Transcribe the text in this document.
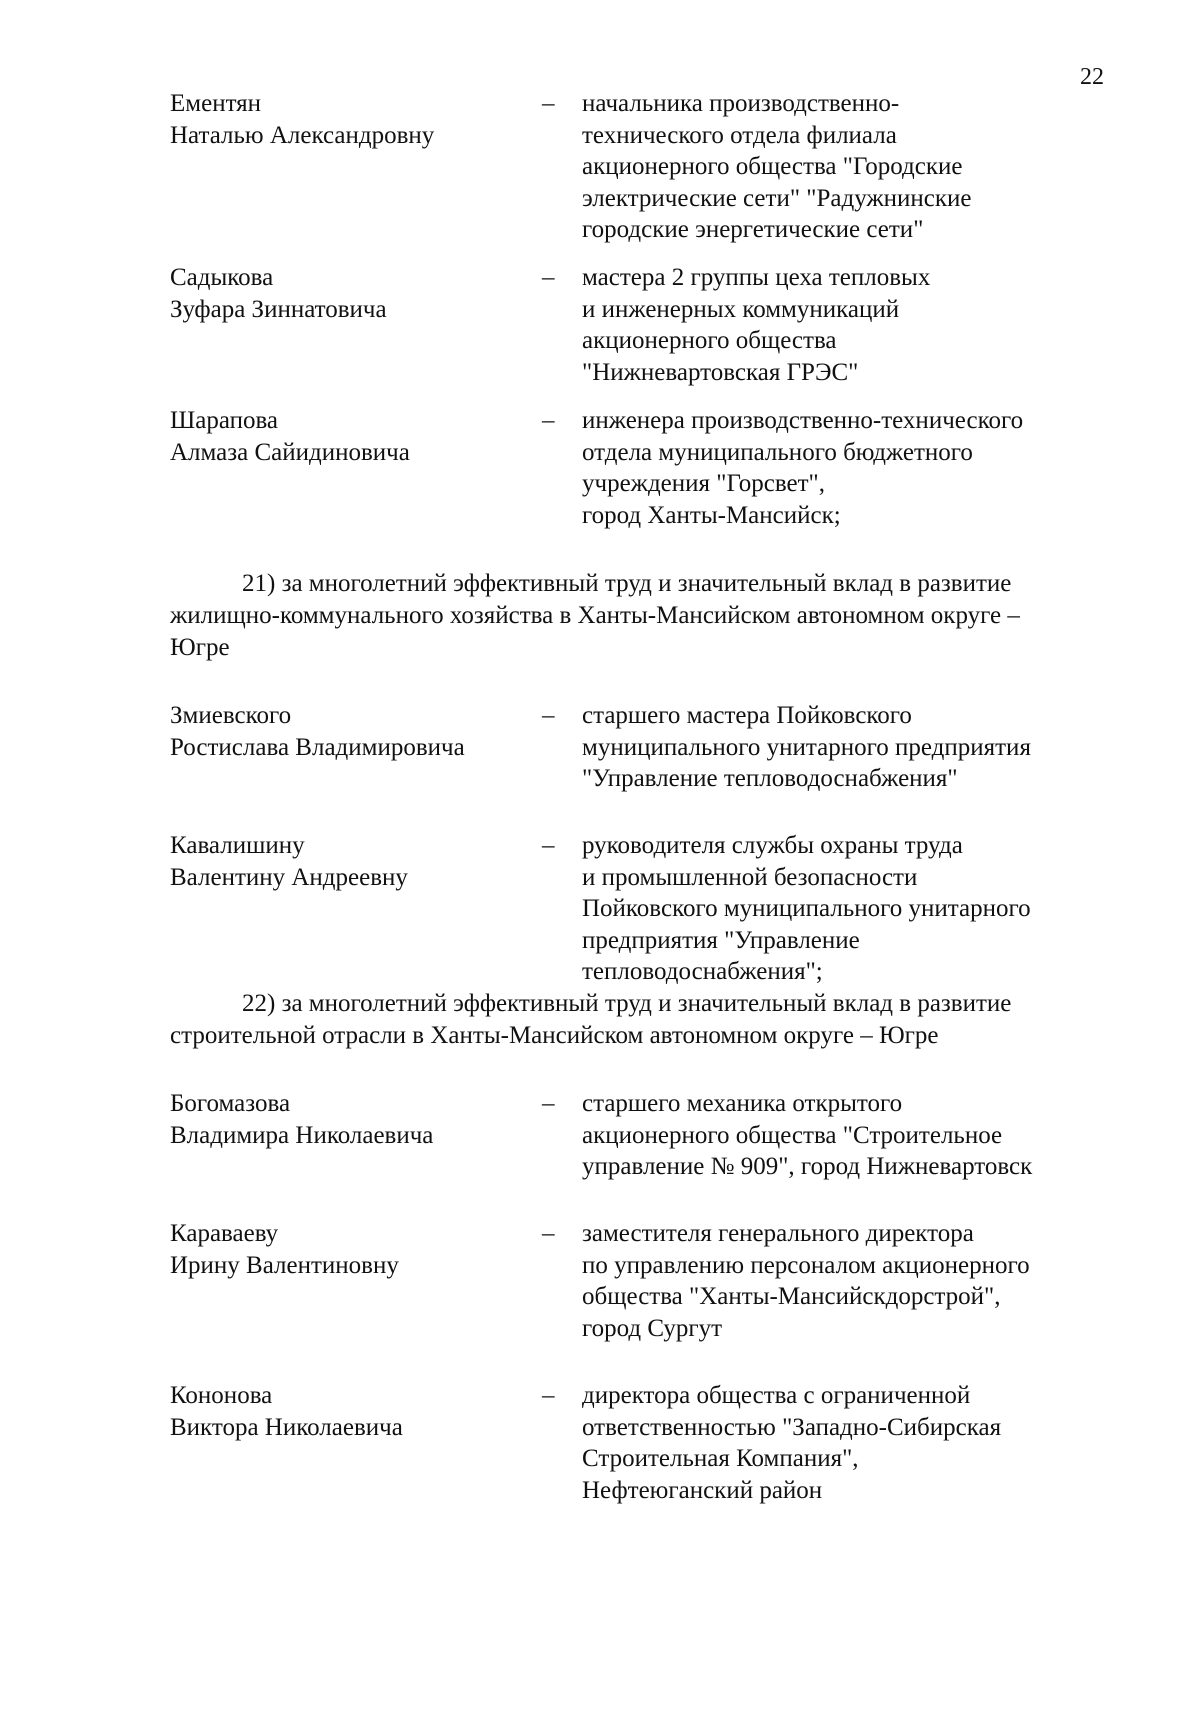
22
Ементян
Наталью Александровну
– начальника производственно-
технического отдела филиала
акционерного общества "Городские
электрические сети" "Радужнинские
городские энергетические сети"
Садыкова
Зуфара Зиннатовича
– мастера 2 группы цеха тепловых
и инженерных коммуникаций
акционерного общества
"Нижневартовская ГРЭС"
Шарапова
Алмаза Сайидиновича
– инженера производственно-технического
отдела муниципального бюджетного
учреждения "Горсвет",
город Ханты-Мансийск;
21) за многолетний эффективный труд и значительный вклад в развитие
жилищно-коммунального хозяйства в Ханты-Мансийском автономном округе –
Югре
Змиевского
Ростислава Владимировича
– старшего мастера Пойковского
муниципального унитарного предприятия
"Управление тепловодоснабжения"
Кавалишину
Валентину Андреевну
– руководителя службы охраны труда
и промышленной безопасности
Пойковского муниципального унитарного
предприятия "Управление
тепловодоснабжения";
22) за многолетний эффективный труд и значительный вклад в развитие
строительной отрасли в Ханты-Мансийском автономном округе – Югре
Богомазова
Владимира Николаевича
– старшего механика открытого
акционерного общества "Строительное
управление № 909", город Нижневартовск
Караваеву
Ирину Валентиновну
– заместителя генерального директора
по управлению персоналом акционерного
общества "Ханты-Мансийскдорстрой",
город Сургут
Кононова
Виктора Николаевича
– директора общества с ограниченной
ответственностью "Западно-Сибирская
Строительная Компания",
Нефтеюганский район
